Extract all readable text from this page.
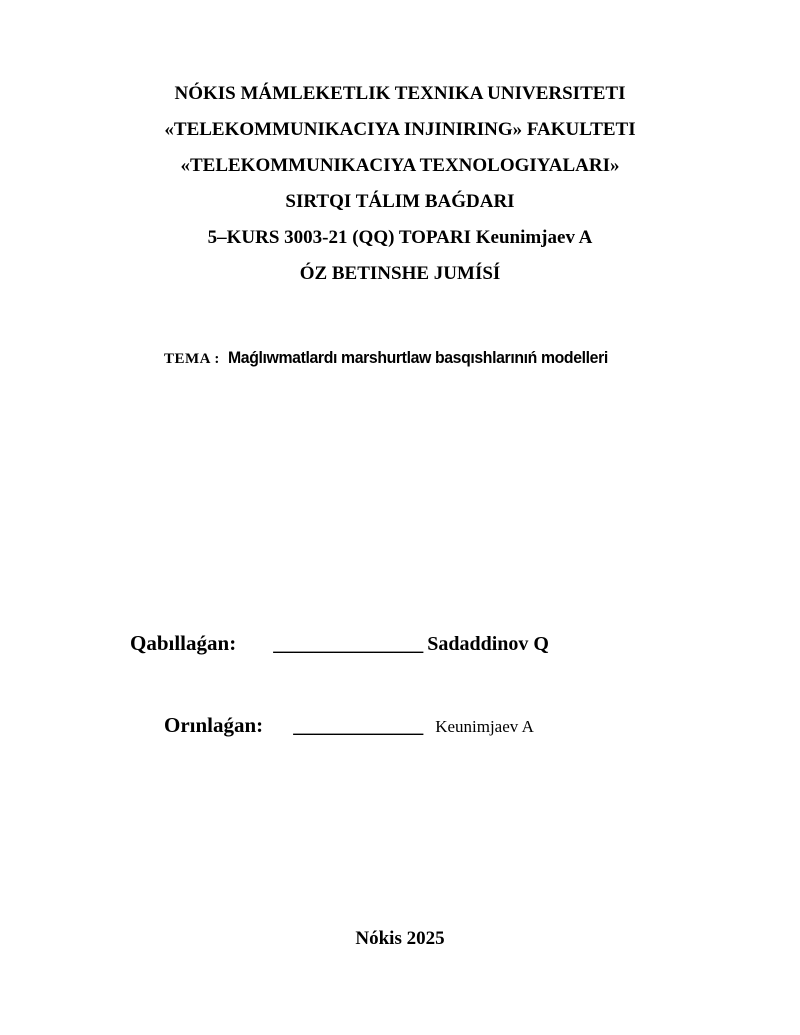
NÓKIS MÁMLEKETLIK TEXNIKA UNIVERSITETI

«TELEKOMMUNIKACIYA INJINIRING» FAKULTETI

«TELEKOMMUNIKACIYA TEXNOLOGIYALARI»

SIRTQI TÁLIM BAǴDARI

5–KURS 3003-21 (QQ) TOPARI Keunimjaev A

ÓZ BETINSHE JUMÍSÍ

TEMA : Maǵlıwmatlardı marshurtlaw basqıshlarınıń modelleri

Qabıllaǵan: _______________ Sadaddinov Q
Orınlaǵan: _____________ Keunimjaev A

Nókis 2025
